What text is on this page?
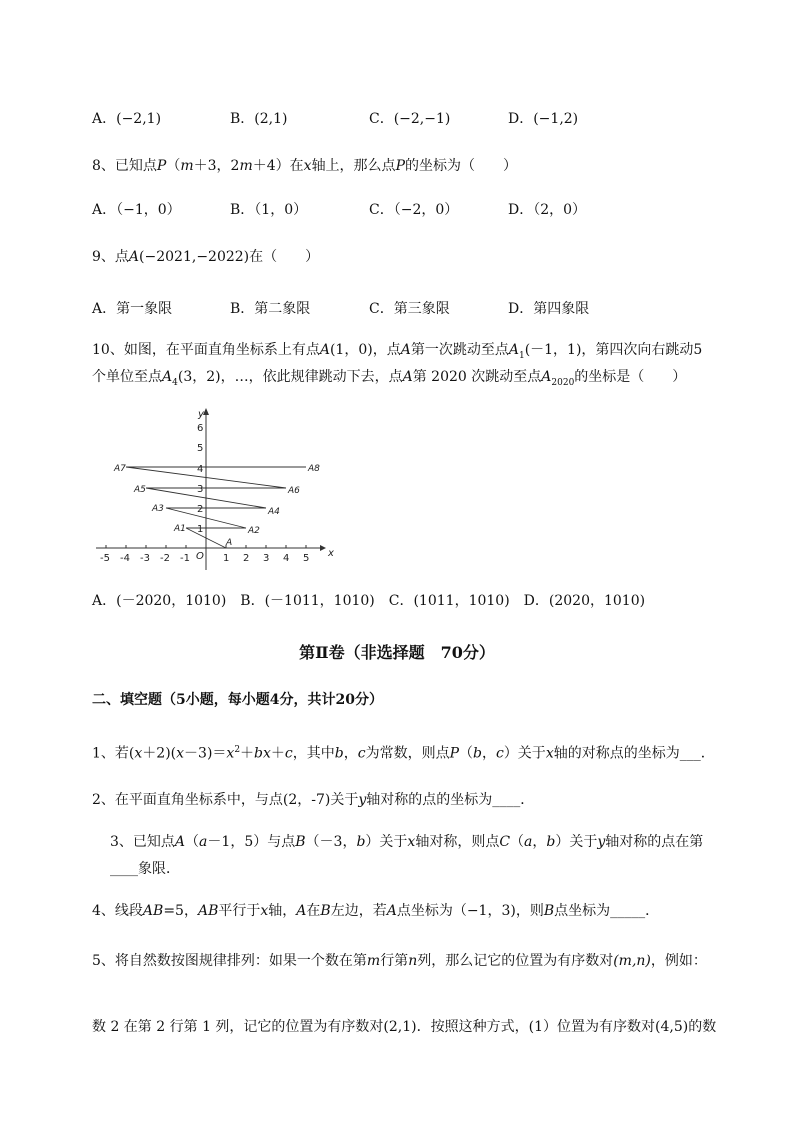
A．(−2,1)	B．(2,1)	C．(−2,−1)	D．(−1,2)
8、已知点P（m＋3，2m＋4）在x轴上，那么点P的坐标为（　　）
A．（−1，0）	B．（1，0）	C．（−2，0）	D．（2，0）
9、点A(−2021,−2022)在（　　）
A．第一象限	B．第二象限	C．第三象限	D．第四象限
10、如图，在平面直角坐标系上有点A(1，0)，点A第一次跳动至点$A_1(-1$，1)，第四次向右跳动5
个单位至点$A_4(3$，2)，…，依此规律跳动下去，点A第 2020 次跳动至点$A_{2020}$的坐标是（　　）
x
y
O
-5 -4 -3 -2 -1	1 2 3 4 5
1
2
3
4
5
6
A
A1	A2
A3	A4
A5	A6
A7	A8
A．(－2020，1010)　B．(－1011，1010)　C．(1011，1010)　D．(2020，1010)
第Ⅱ卷（非选择题　70分）
二、填空题（5小题，每小题4分，共计20分）
1、若$(x+2)(x-3)=x^2+bx+c$，其中b，c为常数，则点P（b，c）关于x轴的对称点的坐标为___．
2、在平面直角坐标系中，与点(2，-7)关于y轴对称的点的坐标为____．
3、已知点A（a－1，5）与点B（－3，b）关于x轴对称，则点C（a，b）关于y轴对称的点在第
____象限．
4、线段AB=5，AB平行于x轴，A在B左边，若A点坐标为（−1，3)，则B点坐标为_____．
5、将自然数按图规律排列：如果一个数在第m行第n列，那么记它的位置为有序数对(m,n)，例如：
数 2 在第 2 行第 1 列，记它的位置为有序数对(2,1)．按照这种方式，(1）位置为有序数对(4,5)的数
